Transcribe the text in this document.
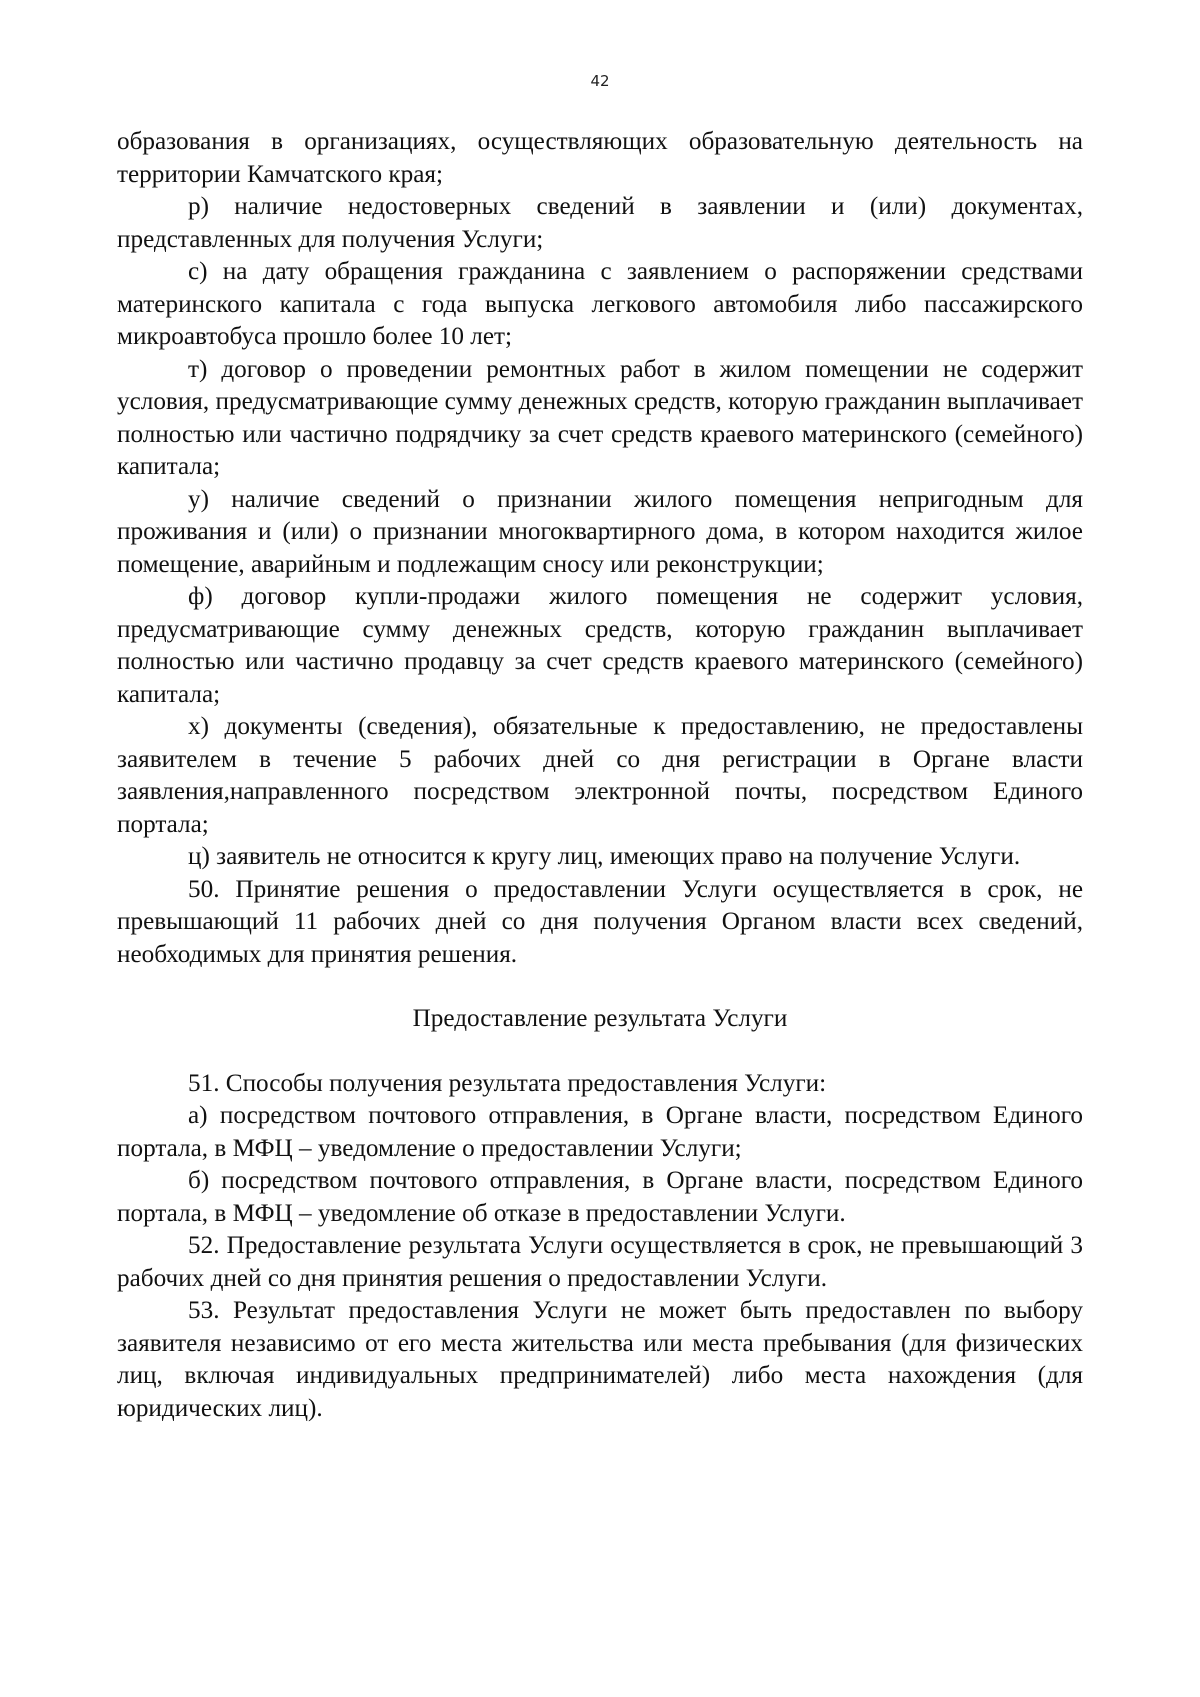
42

образования в организациях, осуществляющих образовательную деятельность на территории Камчатского края;

р) наличие недостоверных сведений в заявлении и (или) документах, представленных для получения Услуги;

с) на дату обращения гражданина с заявлением о распоряжении средствами материнского капитала с года выпуска легкового автомобиля либо пассажирского микроавтобуса прошло более 10 лет;

т) договор о проведении ремонтных работ в жилом помещении не содержит условия, предусматривающие сумму денежных средств, которую гражданин выплачивает полностью или частично подрядчику за счет средств краевого материнского (семейного) капитала;

у) наличие сведений о признании жилого помещения непригодным для проживания и (или) о признании многоквартирного дома, в котором находится жилое помещение, аварийным и подлежащим сносу или реконструкции;

ф) договор купли-продажи жилого помещения не содержит условия, предусматривающие сумму денежных средств, которую гражданин выплачивает полностью или частично продавцу за счет средств краевого материнского (семейного) капитала;

х) документы (сведения), обязательные к предоставлению, не предоставлены заявителем в течение 5 рабочих дней со дня регистрации в Органе власти заявления,направленного посредством электронной почты, посредством Единого портала;

ц) заявитель не относится к кругу лиц, имеющих право на получение Услуги.

50. Принятие решения о предоставлении Услуги осуществляется в срок, не превышающий 11 рабочих дней со дня получения Органом власти всех сведений, необходимых для принятия решения.

Предоставление результата Услуги

51. Способы получения результата предоставления Услуги:

а) посредством почтового отправления, в Органе власти, посредством Единого портала, в МФЦ – уведомление о предоставлении Услуги;

б) посредством почтового отправления, в Органе власти, посредством Единого портала, в МФЦ – уведомление об отказе в предоставлении Услуги.

52. Предоставление результата Услуги осуществляется в срок, не превышающий 3 рабочих дней со дня принятия решения о предоставлении Услуги.

53. Результат предоставления Услуги не может быть предоставлен по выбору заявителя независимо от его места жительства или места пребывания (для физических лиц, включая индивидуальных предпринимателей) либо места нахождения (для юридических лиц).
